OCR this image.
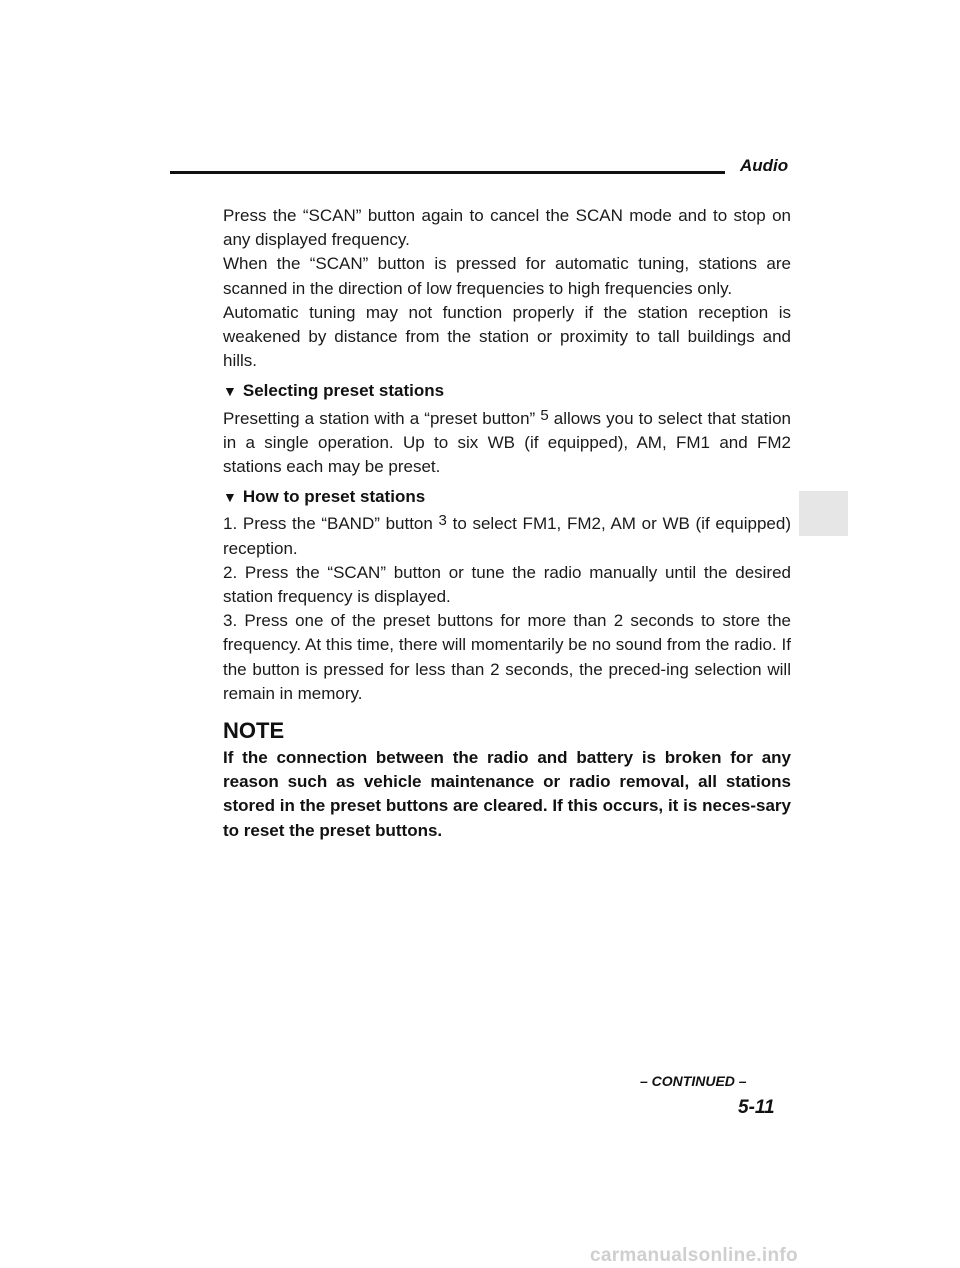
Audio

Press the “SCAN” button again to cancel the SCAN mode and to stop on any displayed frequency.

When the “SCAN” button is pressed for automatic tuning, stations are scanned in the direction of low frequencies to high frequencies only.

Automatic tuning may not function properly if the station reception is weakened by distance from the station or proximity to tall buildings and hills.

▼ Selecting preset stations

Presetting a station with a “preset button” 5 allows you to select that station in a single operation. Up to six WB (if equipped), AM, FM1 and FM2 stations each may be preset.

▼ How to preset stations

1. Press the “BAND” button 3 to select FM1, FM2, AM or WB (if equipped) reception.

2. Press the “SCAN” button or tune the radio manually until the desired station frequency is displayed.

3. Press one of the preset buttons for more than 2 seconds to store the frequency. At this time, there will momentarily be no sound from the radio. If the button is pressed for less than 2 seconds, the preced-ing selection will remain in memory.

NOTE

If the connection between the radio and battery is broken for any reason such as vehicle maintenance or radio removal, all stations stored in the preset buttons are cleared. If this occurs, it is neces-sary to reset the preset buttons.

– CONTINUED –
5-11
carmanualsonline.info
